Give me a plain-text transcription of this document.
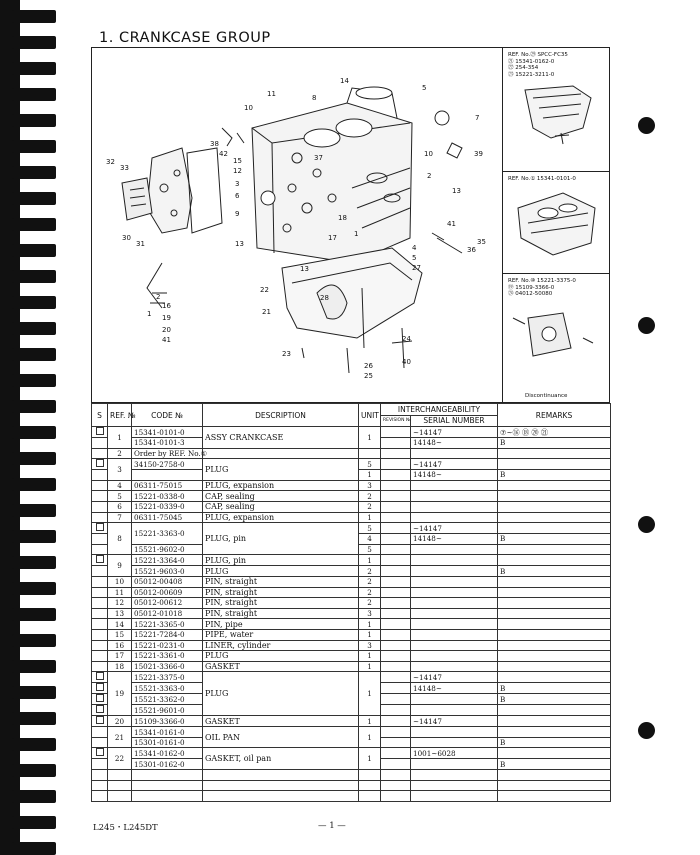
1. CRANKCASE GROUP
14
11	8
10
5
7
39
10
38
42
15
12
37
3
6
9
13
2
13
41
35
36
4
5
27
18
1
17
13
22
21
28
23
24
26
25
40
32
33
30
31
1
2
16
19
20
41
REF. No.㉙ SPCC-FC35
㉑ 15341-0162-0
㉒ 254-354
㉓ 15221-3211-0
REF. No.① 15341-0101-0
REF. No.⑩ 15221-3375-0
⑲ 15109-3366-0
㉔ 04012-50080
Discontinuance
S	REF. №	CODE №	DESCRIPTION	UNIT	INTERCHANGEABILITY		REMARKS
					REVISION №	SERIAL NUMBER	
	1	15341-0101-0	ASSY CRANKCASE	1		~14147	⑦~⑯ ⑱ ⑳ ㉑
		15341-0101-3				14148~	B
	2	Order by REF. No.①					
	3	34150-2758-0	PLUG	5		~14147	
				1		14148~	B
	4	06311-75015	PLUG, expansion	3			
	5	15221-0338-0	CAP, sealing	2			
	6	15221-0339-0	CAP, sealing	2			
	7	06311-75045	PLUG, expansion	1			
	8	15221-3363-0	PLUG, pin	5		~14147	
				4		14148~	B
		15521-9602-0		5			
	9	15221-3364-0	PLUG, pin	1			
		15521-9603-0	PLUG	2			B
	10	05012-00408	PIN, straight	2			
	11	05012-00609	PIN, straight	2			
	12	05012-00612	PIN, straight	2			
	13	05012-01018	PIN, straight	3			
	14	15221-3365-0	PIN, pipe	1			
	15	15221-7284-0	PIPE, water	1			
	16	15221-0231-0	LINER, cylinder	3			
	17	15221-3361-0	PLUG	1			
	18	15021-3366-0	GASKET	1			
	19	15221-3375-0	PLUG	1		~14147	
		15521-3363-0				14148~	B
		15521-3362-0					B
		15521-9601-0					
	20	15109-3366-0	GASKET	1		~14147	
	21	15341-0161-0	OIL PAN	1			
		15301-0161-0					B
	22	15341-0162-0	GASKET, oil pan	1		1001~6028	
		15301-0162-0					B

L245・L245DT	— 1 —
